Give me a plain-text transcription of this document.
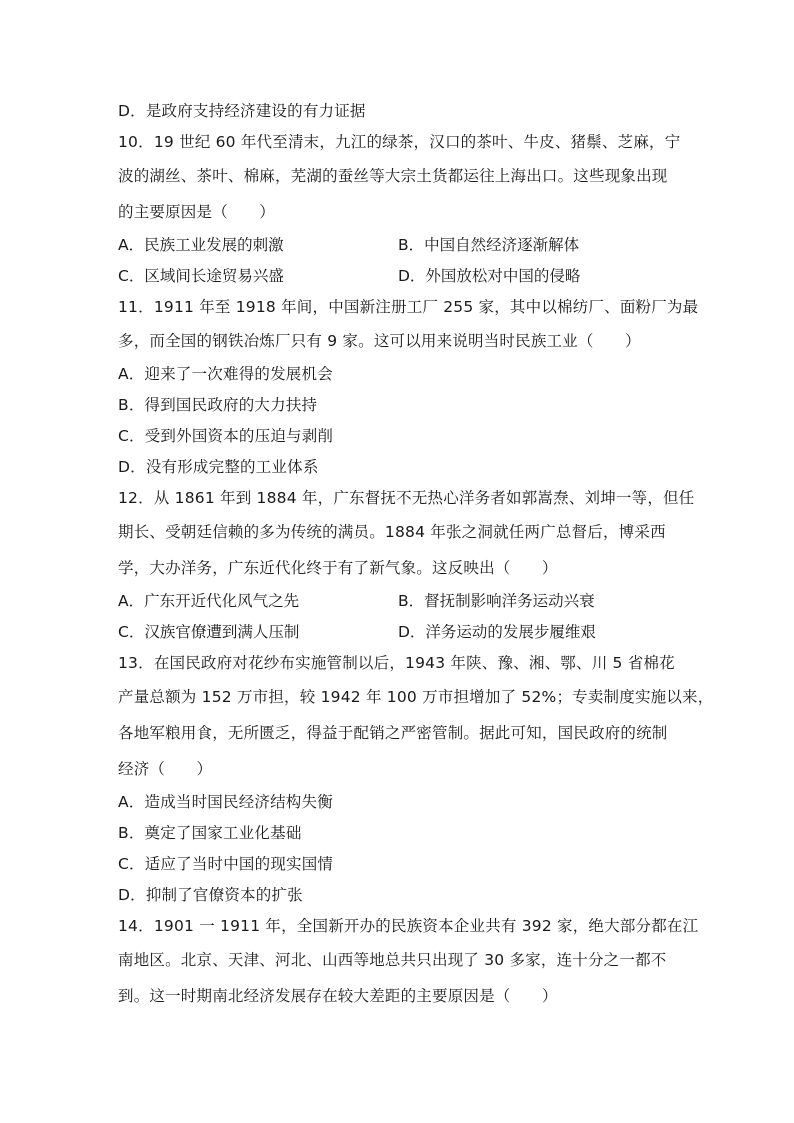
D．是政府支持经济建设的有力证据
10．19 世纪 60 年代至清末，九江的绿茶，汉口的茶叶、牛皮、猪鬃、芝麻，宁
波的湖丝、茶叶、棉麻，芜湖的蚕丝等大宗土货都运往上海出口。这些现象出现
的主要原因是（　　）
A．民族工业发展的刺激	B．中国自然经济逐渐解体
C．区域间长途贸易兴盛	D．外国放松对中国的侵略
11．1911 年至 1918 年间，中国新注册工厂 255 家，其中以棉纺厂、面粉厂为最
多，而全国的钢铁冶炼厂只有 9 家。这可以用来说明当时民族工业（　　）
A．迎来了一次难得的发展机会
B．得到国民政府的大力扶持
C．受到外国资本的压迫与剥削
D．没有形成完整的工业体系
12．从 1861 年到 1884 年，广东督抚不无热心洋务者如郭嵩焘、刘坤一等，但任
期长、受朝廷信赖的多为传统的满员。1884 年张之洞就任两广总督后，博采西
学，大办洋务，广东近代化终于有了新气象。这反映出（　　）
A．广东开近代化风气之先	B．督抚制影响洋务运动兴衰
C．汉族官僚遭到满人压制	D．洋务运动的发展步履维艰
13．在国民政府对花纱布实施管制以后，1943 年陕、豫、湘、鄂、川 5 省棉花
产量总额为 152 万市担，较 1942 年 100 万市担增加了 52%；专卖制度实施以来，
各地军粮用食，无所匮乏，得益于配销之严密管制。据此可知，国民政府的统制
经济（　　）
A．造成当时国民经济结构失衡
B．奠定了国家工业化基础
C．适应了当时中国的现实国情
D．抑制了官僚资本的扩张
14．1901 一 1911 年，全国新开办的民族资本企业共有 392 家，绝大部分都在江
南地区。北京、天津、河北、山西等地总共只出现了 30 多家，连十分之一都不
到。这一时期南北经济发展存在较大差距的主要原因是（　　）
